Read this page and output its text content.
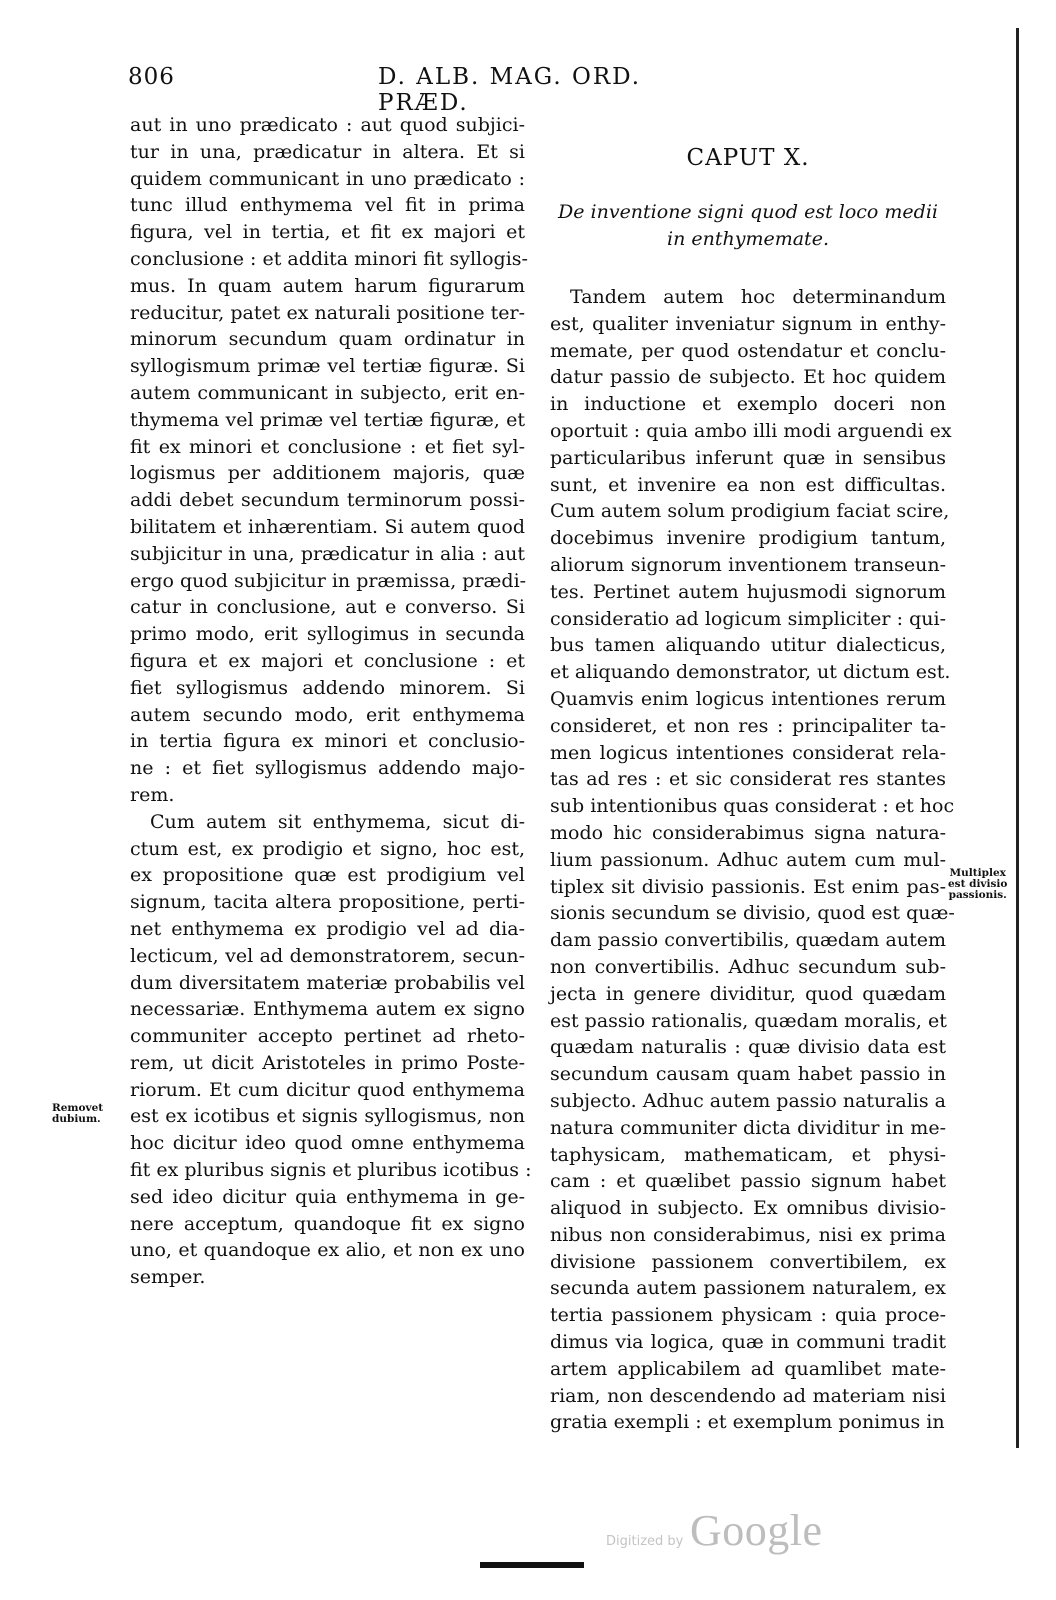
806	D. ALB. MAG. ORD. PRÆD.
aut in uno prædicato : aut quod subjici-
tur in una, prædicatur in altera. Et si
quidem communicant in uno prædicato :
tunc illud enthymema vel fit in prima
figura, vel in tertia, et fit ex majori et
conclusione : et addita minori fit syllogis-
mus. In quam autem harum figurarum
reducitur, patet ex naturali positione ter-
minorum secundum quam ordinatur in
syllogismum primæ vel tertiæ figuræ. Si
autem communicant in subjecto, erit en-
thymema vel primæ vel tertiæ figuræ, et
fit ex minori et conclusione : et fiet syl-
logismus per additionem majoris, quæ
addi debet secundum terminorum possi-
bilitatem et inhærentiam. Si autem quod
subjicitur in una, prædicatur in alia : aut
ergo quod subjicitur in præmissa, prædi-
catur in conclusione, aut e converso. Si
primo modo, erit syllogimus in secunda
figura et ex majori et conclusione : et
fiet syllogismus addendo minorem. Si
autem secundo modo, erit enthymema
in tertia figura ex minori et conclusio-
ne : et fiet syllogismus addendo majo-
rem.
Cum autem sit enthymema, sicut di-
ctum est, ex prodigio et signo, hoc est,
ex propositione quæ est prodigium vel
signum, tacita altera propositione, perti-
net enthymema ex prodigio vel ad dia-
lecticum, vel ad demonstratorem, secun-
dum diversitatem materiæ probabilis vel
necessariæ. Enthymema autem ex signo
communiter accepto pertinet ad rheto-
rem, ut dicit Aristoteles in primo Poste-
riorum. Et cum dicitur quod enthymema
est ex icotibus et signis syllogismus, non
hoc dicitur ideo quod omne enthymema
fit ex pluribus signis et pluribus icotibus :
sed ideo dicitur quia enthymema in ge-
nere acceptum, quandoque fit ex signo
uno, et quandoque ex alio, et non ex uno
semper.
CAPUT X.
De inventione signi quod est loco medii
in enthymemate.
Tandem autem hoc determinandum
est, qualiter inveniatur signum in enthy-
memate, per quod ostendatur et conclu-
datur passio de subjecto. Et hoc quidem
in inductione et exemplo doceri non
oportuit : quia ambo illi modi arguendi ex
particularibus inferunt quæ in sensibus
sunt, et invenire ea non est difficultas.
Cum autem solum prodigium faciat scire,
docebimus invenire prodigium tantum,
aliorum signorum inventionem transeun-
tes. Pertinet autem hujusmodi signorum
consideratio ad logicum simpliciter : qui-
bus tamen aliquando utitur dialecticus,
et aliquando demonstrator, ut dictum est.
Quamvis enim logicus intentiones rerum
consideret, et non res : principaliter ta-
men logicus intentiones considerat rela-
tas ad res : et sic considerat res stantes
sub intentionibus quas considerat : et hoc
modo hic considerabimus signa natura-
lium passionum. Adhuc autem cum mul-
tiplex sit divisio passionis. Est enim pas-
sionis secundum se divisio, quod est quæ-
dam passio convertibilis, quædam autem
non convertibilis. Adhuc secundum sub-
jecta in genere dividitur, quod quædam
est passio rationalis, quædam moralis, et
quædam naturalis : quæ divisio data est
secundum causam quam habet passio in
subjecto. Adhuc autem passio naturalis a
natura communiter dicta dividitur in me-
taphysicam, mathematicam, et physi-
cam : et quælibet passio signum habet
aliquod in subjecto. Ex omnibus divisio-
nibus non considerabimus, nisi ex prima
divisione passionem convertibilem, ex
secunda autem passionem naturalem, ex
tertia passionem physicam : quia proce-
dimus via logica, quæ in communi tradit
artem applicabilem ad quamlibet mate-
riam, non descendendo ad materiam nisi
gratia exempli : et exemplum ponimus in
Removet
dubium.
Multiplex
est divisio
passionis.
Digitized by Google
